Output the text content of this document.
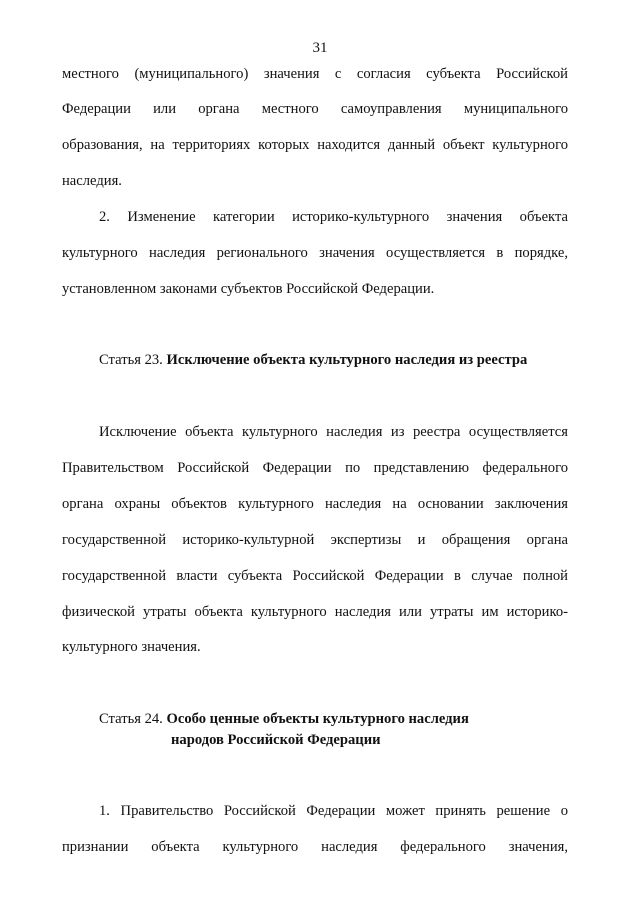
31
местного (муниципального) значения с согласия субъекта Российской
Федерации или органа местного самоуправления муниципального
образования, на территориях которых находится данный объект культурного
наследия.
2. Изменение категории историко-культурного значения объекта
культурного наследия регионального значения осуществляется в порядке,
установленном законами субъектов Российской Федерации.
Статья 23. Исключение объекта культурного наследия из реестра
Исключение объекта культурного наследия из реестра осуществляется
Правительством Российской Федерации по представлению федерального
органа охраны объектов культурного наследия на основании заключения
государственной историко-культурной экспертизы и обращения органа
государственной власти субъекта Российской Федерации в случае полной
физической утраты объекта культурного наследия или утраты им историко-
культурного значения.
Статья 24. Особо ценные объекты культурного наследия
народов Российской Федерации
1. Правительство Российской Федерации может принять решение о
признании объекта культурного наследия федерального значения,
